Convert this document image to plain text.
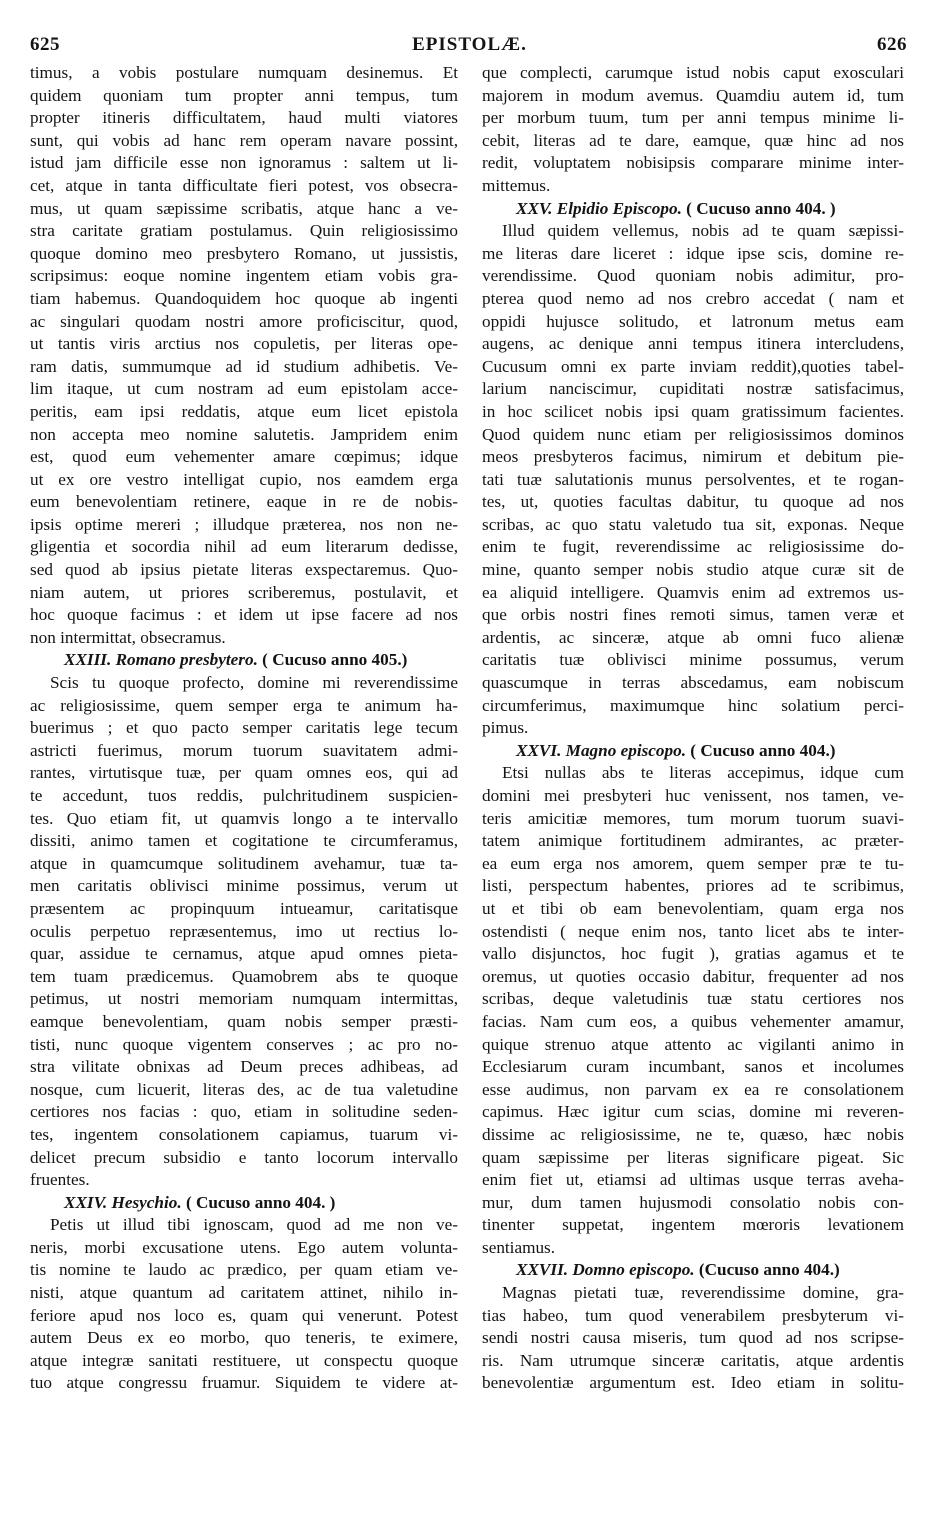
625	EPISTOLÆ.	626
timus, a vobis postulare numquam desinemus. Et
quidem quoniam tum propter anni tempus, tum
propter itineris difficultatem, haud multi viatores
sunt, qui vobis ad hanc rem operam navare possint,
istud jam difficile esse non ignoramus : saltem ut li-
cet, atque in tanta difficultate fieri potest, vos obsecra-
mus, ut quam sæpissime scribatis, atque hanc a ve-
stra caritate gratiam postulamus. Quin religiosissimo
quoque domino meo presbytero Romano, ut jussistis,
scripsimus: eoque nomine ingentem etiam vobis gra-
tiam habemus. Quandoquidem hoc quoque ab ingenti
ac singulari quodam nostri amore proficiscitur, quod,
ut tantis viris arctius nos copuletis, per literas ope-
ram datis, summumque ad id studium adhibetis. Ve-
lim itaque, ut cum nostram ad eum epistolam acce-
peritis, eam ipsi reddatis, atque eum licet epistola
non accepta meo nomine salutetis. Jampridem enim
est, quod eum vehementer amare cœpimus; idque
ut ex ore vestro intelligat cupio, nos eamdem erga
eum benevolentiam retinere, eaque in re de nobis-
ipsis optime mereri ; illudque præterea, nos non ne-
gligentia et socordia nihil ad eum literarum dedisse,
sed quod ab ipsius pietate literas exspectaremus. Quo-
niam autem, ut priores scriberemus, postulavit, et
hoc quoque facimus : et idem ut ipse facere ad nos
non intermittat, obsecramus.
XXIII. Romano presbytero. ( Cucuso anno 405.)
Scis tu quoque profecto, domine mi reverendissime
ac religiosissime, quem semper erga te animum ha-
buerimus ; et quo pacto semper caritatis lege tecum
astricti fuerimus, morum tuorum suavitatem admi-
rantes, virtutisque tuæ, per quam omnes eos, qui ad
te accedunt, tuos reddis, pulchritudinem suspicien-
tes. Quo etiam fit, ut quamvis longo a te intervallo
dissiti, animo tamen et cogitatione te circumferamus,
atque in quamcumque solitudinem avehamur, tuæ ta-
men caritatis oblivisci minime possimus, verum ut
præsentem ac propinquum intueamur, caritatisque
oculis perpetuo repræsentemus, imo ut rectius lo-
quar, assidue te cernamus, atque apud omnes pieta-
tem tuam prædicemus. Quamobrem abs te quoque
petimus, ut nostri memoriam numquam intermittas,
eamque benevolentiam, quam nobis semper præsti-
tisti, nunc quoque vigentem conserves ; ac pro no-
stra vilitate obnixas ad Deum preces adhibeas, ad
nosque, cum licuerit, literas des, ac de tua valetudine
certiores nos facias : quo, etiam in solitudine seden-
tes, ingentem consolationem capiamus, tuarum vi-
delicet precum subsidio e tanto locorum intervallo
fruentes.
XXIV. Hesychio. ( Cucuso anno 404. )
Petis ut illud tibi ignoscam, quod ad me non ve-
neris, morbi excusatione utens. Ego autem volunta-
tis nomine te laudo ac prædico, per quam etiam ve-
nisti, atque quantum ad caritatem attinet, nihilo in-
feriore apud nos loco es, quam qui venerunt. Potest
autem Deus ex eo morbo, quo teneris, te eximere,
atque integræ sanitati restituere, ut conspectu quoque
tuo atque congressu fruamur. Siquidem te videre at-
que complecti, carumque istud nobis caput exosculari
majorem in modum avemus. Quamdiu autem id, tum
per morbum tuum, tum per anni tempus minime li-
cebit, literas ad te dare, eamque, quæ hinc ad nos
redit, voluptatem nobisipsis comparare minime inter-
mittemus.
XXV. Elpidio Episcopo. ( Cucuso anno 404. )
Illud quidem vellemus, nobis ad te quam sæpissi-
me literas dare liceret : idque ipse scis, domine re-
verendissime. Quod quoniam nobis adimitur, pro-
pterea quod nemo ad nos crebro accedat ( nam et
oppidi hujusce solitudo, et latronum metus eam
augens, ac denique anni tempus itinera intercludens,
Cucusum omni ex parte inviam reddit),quoties tabel-
larium nanciscimur, cupiditati nostræ satisfacimus,
in hoc scilicet nobis ipsi quam gratissimum facientes.
Quod quidem nunc etiam per religiosissimos dominos
meos presbyteros facimus, nimirum et debitum pie-
tati tuæ salutationis munus persolventes, et te rogan-
tes, ut, quoties facultas dabitur, tu quoque ad nos
scribas, ac quo statu valetudo tua sit, exponas. Neque
enim te fugit, reverendissime ac religiosissime do-
mine, quanto semper nobis studio atque curæ sit de
ea aliquid intelligere. Quamvis enim ad extremos us-
que orbis nostri fines remoti simus, tamen veræ et
ardentis, ac sinceræ, atque ab omni fuco alienæ
caritatis tuæ oblivisci minime possumus, verum
quascumque in terras abscedamus, eam nobiscum
circumferimus, maximumque hinc solatium perci-
pimus.
XXVI. Magno episcopo. ( Cucuso anno 404.)
Etsi nullas abs te literas accepimus, idque cum
domini mei presbyteri huc venissent, nos tamen, ve-
teris amicitiæ memores, tum morum tuorum suavi-
tatem animique fortitudinem admirantes, ac præter-
ea eum erga nos amorem, quem semper præ te tu-
listi, perspectum habentes, priores ad te scribimus,
ut et tibi ob eam benevolentiam, quam erga nos
ostendisti ( neque enim nos, tanto licet abs te inter-
vallo disjunctos, hoc fugit ), gratias agamus et te
oremus, ut quoties occasio dabitur, frequenter ad nos
scribas, deque valetudinis tuæ statu certiores nos
facias. Nam cum eos, a quibus vehementer amamur,
quique strenuo atque attento ac vigilanti animo in
Ecclesiarum curam incumbant, sanos et incolumes
esse audimus, non parvam ex ea re consolationem
capimus. Hæc igitur cum scias, domine mi reveren-
dissime ac religiosissime, ne te, quæso, hæc nobis
quam sæpissime per literas significare pigeat. Sic
enim fiet ut, etiamsi ad ultimas usque terras aveha-
mur, dum tamen hujusmodi consolatio nobis con-
tinenter suppetat, ingentem mœroris levationem
sentiamus.
XXVII. Domno episcopo. (Cucuso anno 404.)
Magnas pietati tuæ, reverendissime domine, gra-
tias habeo, tum quod venerabilem presbyterum vi-
sendi nostri causa miseris, tum quod ad nos scripse-
ris. Nam utrumque sinceræ caritatis, atque ardentis
benevolentiæ argumentum est. Ideo etiam in solitu-
